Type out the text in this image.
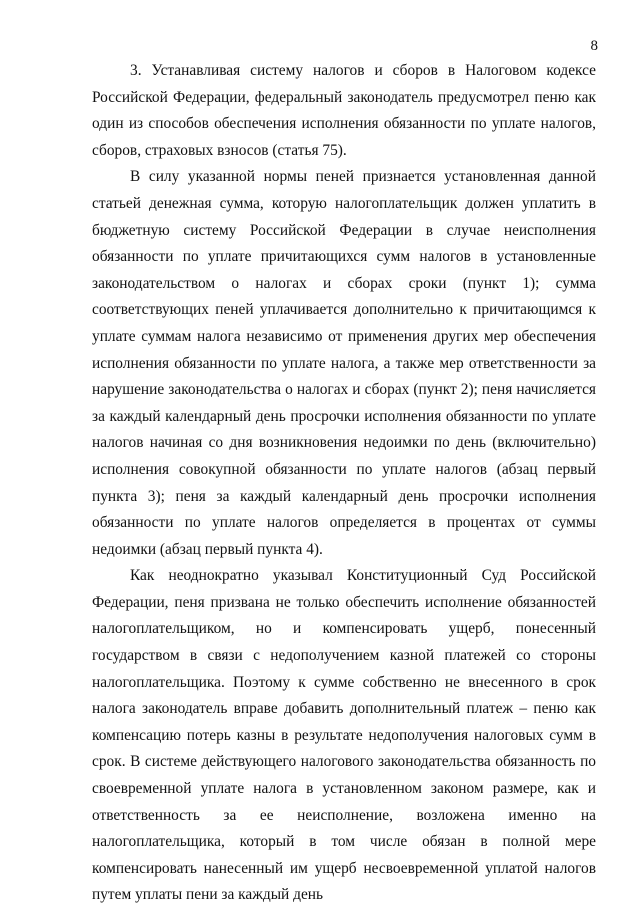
8

3. Устанавливая систему налогов и сборов в Налоговом кодексе Российской Федерации, федеральный законодатель предусмотрел пеню как один из способов обеспечения исполнения обязанности по уплате налогов, сборов, страховых взносов (статья 75).

В силу указанной нормы пеней признается установленная данной статьей денежная сумма, которую налогоплательщик должен уплатить в бюджетную систему Российской Федерации в случае неисполнения обязанности по уплате причитающихся сумм налогов в установленные законодательством о налогах и сборах сроки (пункт 1); сумма соответствующих пеней уплачивается дополнительно к причитающимся к уплате суммам налога независимо от применения других мер обеспечения исполнения обязанности по уплате налога, а также мер ответственности за нарушение законодательства о налогах и сборах (пункт 2); пеня начисляется за каждый календарный день просрочки исполнения обязанности по уплате налогов начиная со дня возникновения недоимки по день (включительно) исполнения совокупной обязанности по уплате налогов (абзац первый пункта 3); пеня за каждый календарный день просрочки исполнения обязанности по уплате налогов определяется в процентах от суммы недоимки (абзац первый пункта 4).

Как неоднократно указывал Конституционный Суд Российской Федерации, пеня призвана не только обеспечить исполнение обязанностей налогоплательщиком, но и компенсировать ущерб, понесенный государством в связи с недополучением казной платежей со стороны налогоплательщика. Поэтому к сумме собственно не внесенного в срок налога законодатель вправе добавить дополнительный платеж – пеню как компенсацию потерь казны в результате недополучения налоговых сумм в срок. В системе действующего налогового законодательства обязанность по своевременной уплате налога в установленном законом размере, как и ответственность за ее неисполнение, возложена именно на налогоплательщика, который в том числе обязан в полной мере компенсировать нанесенный им ущерб несвоевременной уплатой налогов путем уплаты пени за каждый день
